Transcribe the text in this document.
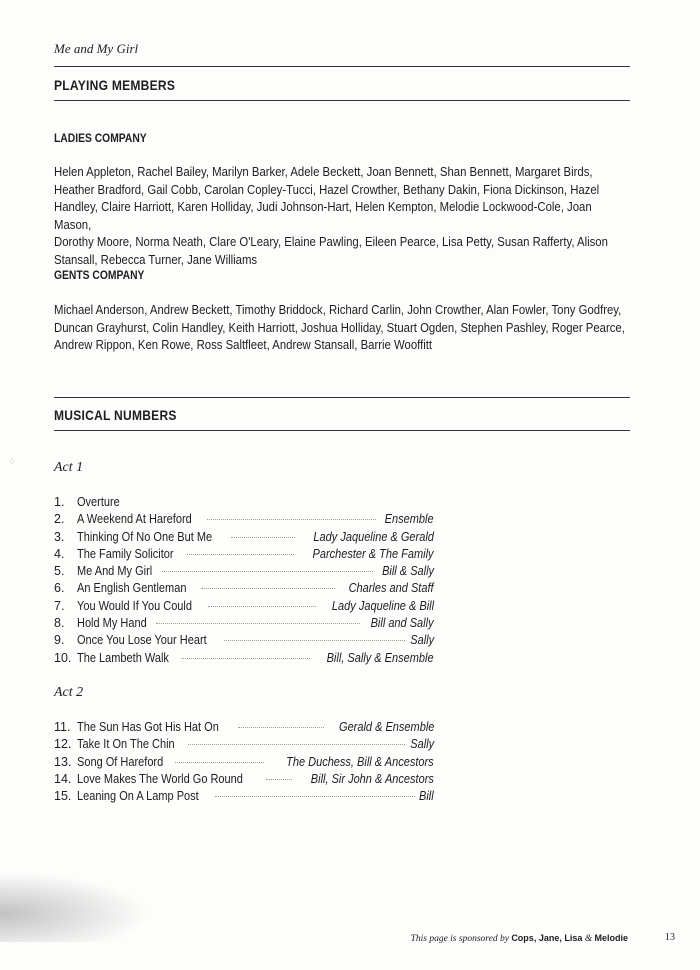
⁘
Me and My Girl
PLAYING MEMBERS
LADIES COMPANY
Helen Appleton, Rachel Bailey, Marilyn Barker, Adele Beckett, Joan Bennett, Shan Bennett, Margaret Birds,
Heather Bradford, Gail Cobb, Carolan Copley-Tucci, Hazel Crowther, Bethany Dakin, Fiona Dickinson, Hazel
Handley, Claire Harriott, Karen Holliday, Judi Johnson-Hart, Helen Kempton, Melodie Lockwood-Cole, Joan Mason,
Dorothy Moore, Norma Neath, Clare O'Leary, Elaine Pawling, Eileen Pearce, Lisa Petty, Susan Rafferty, Alison
Stansall, Rebecca Turner, Jane Williams
GENTS COMPANY
Michael Anderson, Andrew Beckett, Timothy Briddock, Richard Carlin, John Crowther, Alan Fowler, Tony Godfrey,
Duncan Grayhurst, Colin Handley, Keith Harriott, Joshua Holliday, Stuart Ogden, Stephen Pashley, Roger Pearce,
Andrew Rippon, Ken Rowe, Ross Saltfleet, Andrew Stansall, Barrie Wooffitt
MUSICAL NUMBERS
Act 1
1.	Overture
2.	A Weekend At Hareford	Ensemble
3.	Thinking Of No One But Me	Lady Jaqueline & Gerald
4.	The Family Solicitor	Parchester & The Family
5.	Me And My Girl	Bill & Sally
6.	An English Gentleman	Charles and Staff
7.	You Would If You Could	Lady Jaqueline & Bill
8.	Hold My Hand	Bill and Sally
9.	Once You Lose Your Heart	Sally
10. The Lambeth Walk	Bill, Sally & Ensemble
Act 2
11. The Sun Has Got His Hat On	Gerald & Ensemble
12. Take It On The Chin	Sally
13. Song Of Hareford	The Duchess, Bill & Ancestors
14. Love Makes The World Go Round	Bill, Sir John & Ancestors
15. Leaning On A Lamp Post	Bill
This page is sponsored by Cops, Jane, Lisa & Melodie	13
